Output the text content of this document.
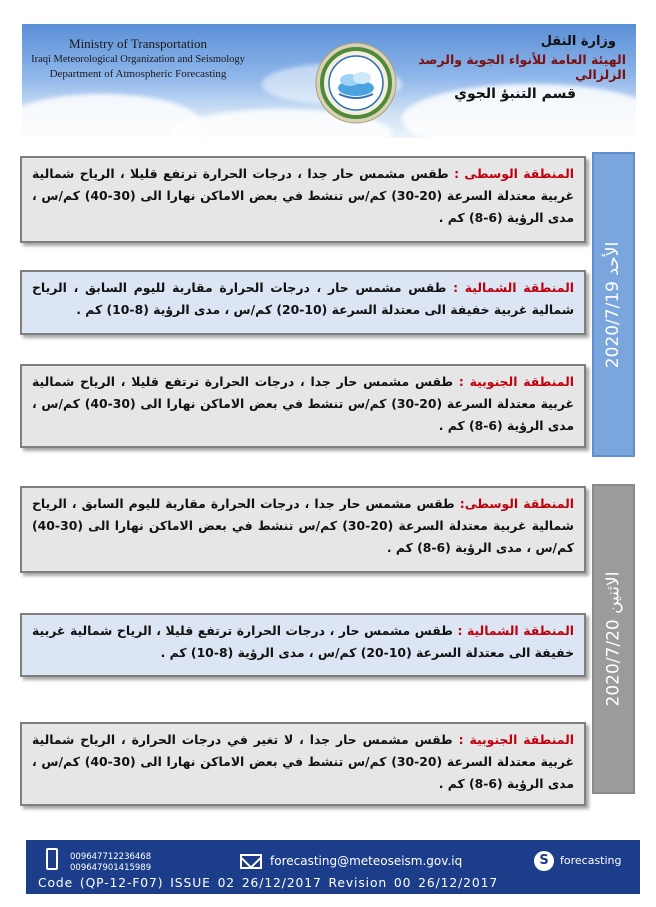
Ministry of Transportation
Iraqi Meteorological Organization and Seismology
Department of Atmospheric Forecasting
وزارة النقل
الهيئة العامة للأنواء الجوية والرصد الزلزالي
قسم التنبؤ الجوي
الأحد 2020/7/19
المنطقة الوسطى : طقس مشمس حار جدا ، درجات الحرارة ترتفع قليلا ، الرياح شمالية غربية معتدلة السرعة (20-30) كم/س تنشط في بعض الاماكن نهارا الى (30-40) كم/س ، مدى الرؤية (6-8) كم .
المنطقة الشمالية : طقس مشمس حار ، درجات الحرارة مقاربة لليوم السابق ، الرياح شمالية غربية خفيفة الى معتدلة السرعة (10-20) كم/س ، مدى الرؤية (8-10) كم .
المنطقة الجنوبية : طقس مشمس حار جدا ، درجات الحرارة ترتفع قليلا ، الرياح شمالية غربية معتدلة السرعة (20-30) كم/س تنشط في بعض الاماكن نهارا الى (30-40) كم/س ، مدى الرؤية (6-8) كم .
الاثنين 2020/7/20
المنطقة الوسطى: طقس مشمس حار جدا ، درجات الحرارة مقاربة لليوم السابق ، الرياح شمالية غربية معتدلة السرعة (20-30) كم/س تنشط في بعض الاماكن نهارا الى (30-40) كم/س ، مدى الرؤية (6-8) كم .
المنطقة الشمالية : طقس مشمس حار ، درجات الحرارة ترتفع قليلا ، الرياح شمالية غربية خفيفة الى معتدلة السرعة (10-20) كم/س ، مدى الرؤية (8-10) كم .
المنطقة الجنوبية : طقس مشمس حار جدا ، لا تغير في درجات الحرارة ، الرياح شمالية غربية معتدلة السرعة (20-30) كم/س تنشط في بعض الاماكن نهارا الى (30-40) كم/س ، مدى الرؤية (6-8) كم .
009647712236468
009647901415989	forecasting@meteoseism.gov.iq	S	forecasting
Code (QP-12-F07) ISSUE 02 26/12/2017 Revision 00 26/12/2017
